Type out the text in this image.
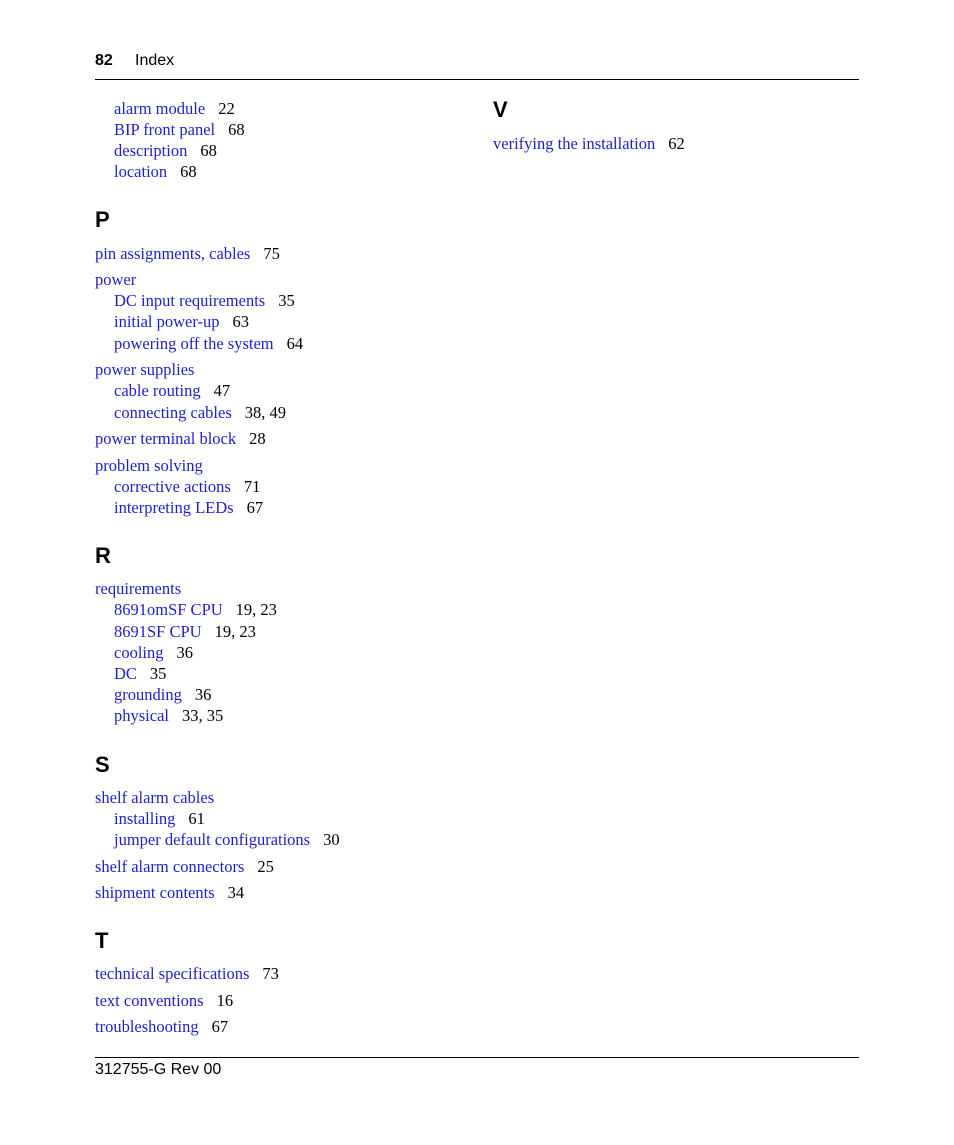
82 Index
alarm module 22
BIP front panel 68
description 68
location 68
P
pin assignments, cables 75
power
DC input requirements 35
initial power-up 63
powering off the system 64
power supplies
cable routing 47
connecting cables 38, 49
power terminal block 28
problem solving
corrective actions 71
interpreting LEDs 67
R
requirements
8691omSF CPU 19, 23
8691SF CPU 19, 23
cooling 36
DC 35
grounding 36
physical 33, 35
S
shelf alarm cables
installing 61
jumper default configurations 30
shelf alarm connectors 25
shipment contents 34
T
technical specifications 73
text conventions 16
troubleshooting 67
V
verifying the installation 62
312755-G Rev 00
